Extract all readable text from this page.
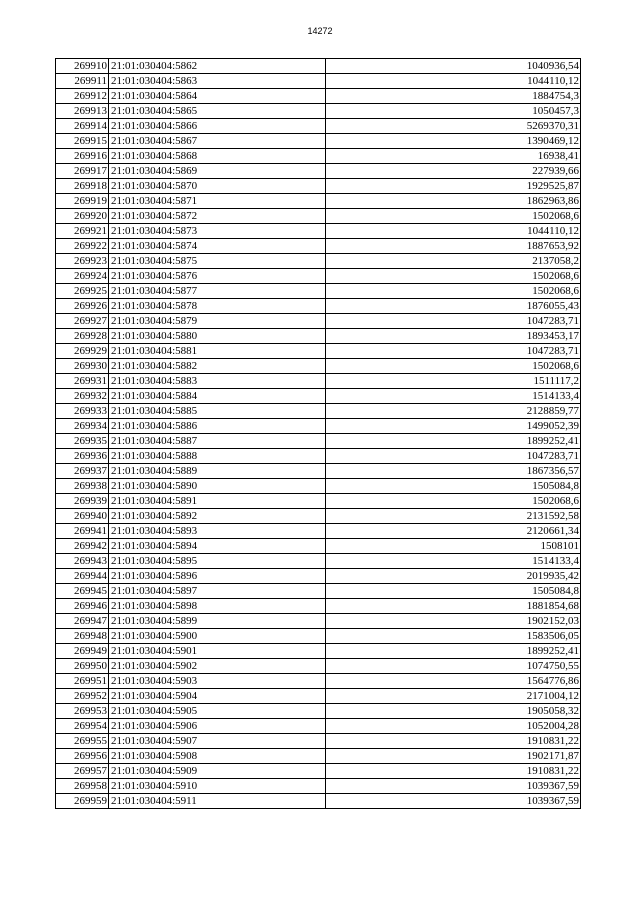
14272
269910	21:01:030404:5862	1040936,54
269911	21:01:030404:5863	1044110,12
269912	21:01:030404:5864	1884754,3
269913	21:01:030404:5865	1050457,3
269914	21:01:030404:5866	5269370,31
269915	21:01:030404:5867	1390469,12
269916	21:01:030404:5868	16938,41
269917	21:01:030404:5869	227939,66
269918	21:01:030404:5870	1929525,87
269919	21:01:030404:5871	1862963,86
269920	21:01:030404:5872	1502068,6
269921	21:01:030404:5873	1044110,12
269922	21:01:030404:5874	1887653,92
269923	21:01:030404:5875	2137058,2
269924	21:01:030404:5876	1502068,6
269925	21:01:030404:5877	1502068,6
269926	21:01:030404:5878	1876055,43
269927	21:01:030404:5879	1047283,71
269928	21:01:030404:5880	1893453,17
269929	21:01:030404:5881	1047283,71
269930	21:01:030404:5882	1502068,6
269931	21:01:030404:5883	1511117,2
269932	21:01:030404:5884	1514133,4
269933	21:01:030404:5885	2128859,77
269934	21:01:030404:5886	1499052,39
269935	21:01:030404:5887	1899252,41
269936	21:01:030404:5888	1047283,71
269937	21:01:030404:5889	1867356,57
269938	21:01:030404:5890	1505084,8
269939	21:01:030404:5891	1502068,6
269940	21:01:030404:5892	2131592,58
269941	21:01:030404:5893	2120661,34
269942	21:01:030404:5894	1508101
269943	21:01:030404:5895	1514133,4
269944	21:01:030404:5896	2019935,42
269945	21:01:030404:5897	1505084,8
269946	21:01:030404:5898	1881854,68
269947	21:01:030404:5899	1902152,03
269948	21:01:030404:5900	1583506,05
269949	21:01:030404:5901	1899252,41
269950	21:01:030404:5902	1074750,55
269951	21:01:030404:5903	1564776,86
269952	21:01:030404:5904	2171004,12
269953	21:01:030404:5905	1905058,32
269954	21:01:030404:5906	1052004,28
269955	21:01:030404:5907	1910831,22
269956	21:01:030404:5908	1902171,87
269957	21:01:030404:5909	1910831,22
269958	21:01:030404:5910	1039367,59
269959	21:01:030404:5911	1039367,59
